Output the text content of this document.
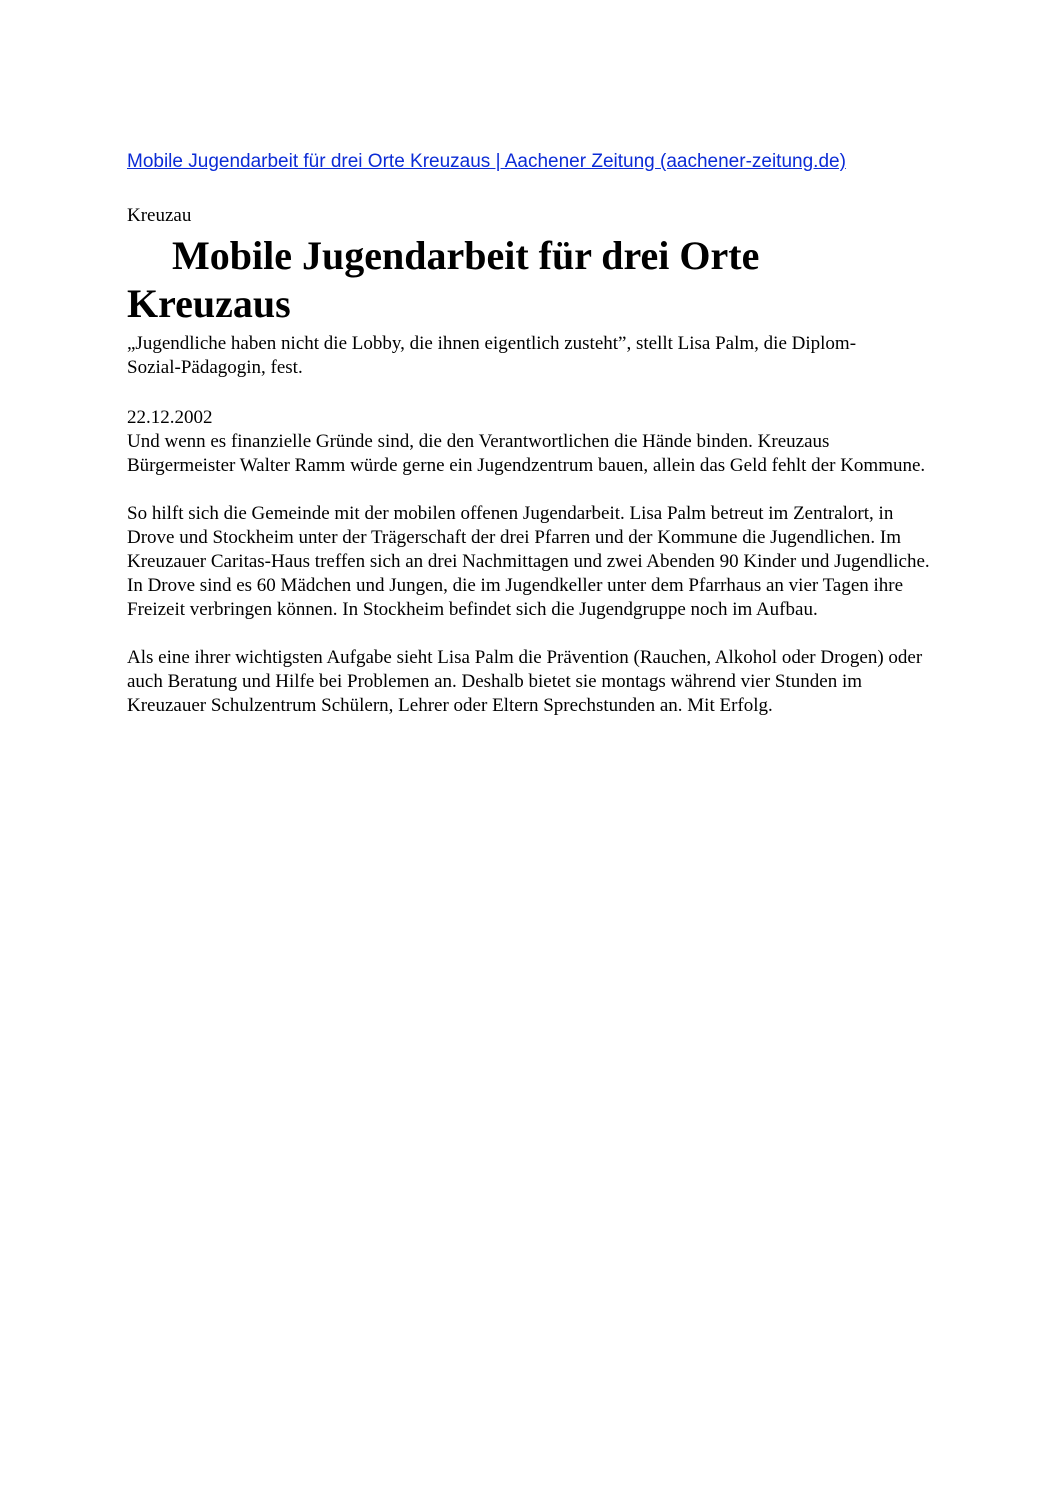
Mobile Jugendarbeit für drei Orte Kreuzaus | Aachener Zeitung (aachener-zeitung.de)
Kreuzau
Mobile Jugendarbeit für drei Orte Kreuzaus

„Jugendliche haben nicht die Lobby, die ihnen eigentlich zusteht”, stellt Lisa Palm, die Diplom-Sozial-Pädagogin, fest.

22.12.2002

Und wenn es finanzielle Gründe sind, die den Verantwortlichen die Hände binden. Kreuzaus Bürgermeister Walter Ramm würde gerne ein Jugendzentrum bauen, allein das Geld fehlt der Kommune.

So hilft sich die Gemeinde mit der mobilen offenen Jugendarbeit. Lisa Palm betreut im Zentralort, in Drove und Stockheim unter der Trägerschaft der drei Pfarren und der Kommune die Jugendlichen. Im Kreuzauer Caritas-Haus treffen sich an drei Nachmittagen und zwei Abenden 90 Kinder und Jugendliche. In Drove sind es 60 Mädchen und Jungen, die im Jugendkeller unter dem Pfarrhaus an vier Tagen ihre Freizeit verbringen können. In Stockheim befindet sich die Jugendgruppe noch im Aufbau.

Als eine ihrer wichtigsten Aufgabe sieht Lisa Palm die Prävention (Rauchen, Alkohol oder Drogen) oder auch Beratung und Hilfe bei Problemen an. Deshalb bietet sie montags während vier Stunden im Kreuzauer Schulzentrum Schülern, Lehrer oder Eltern Sprechstunden an. Mit Erfolg.
